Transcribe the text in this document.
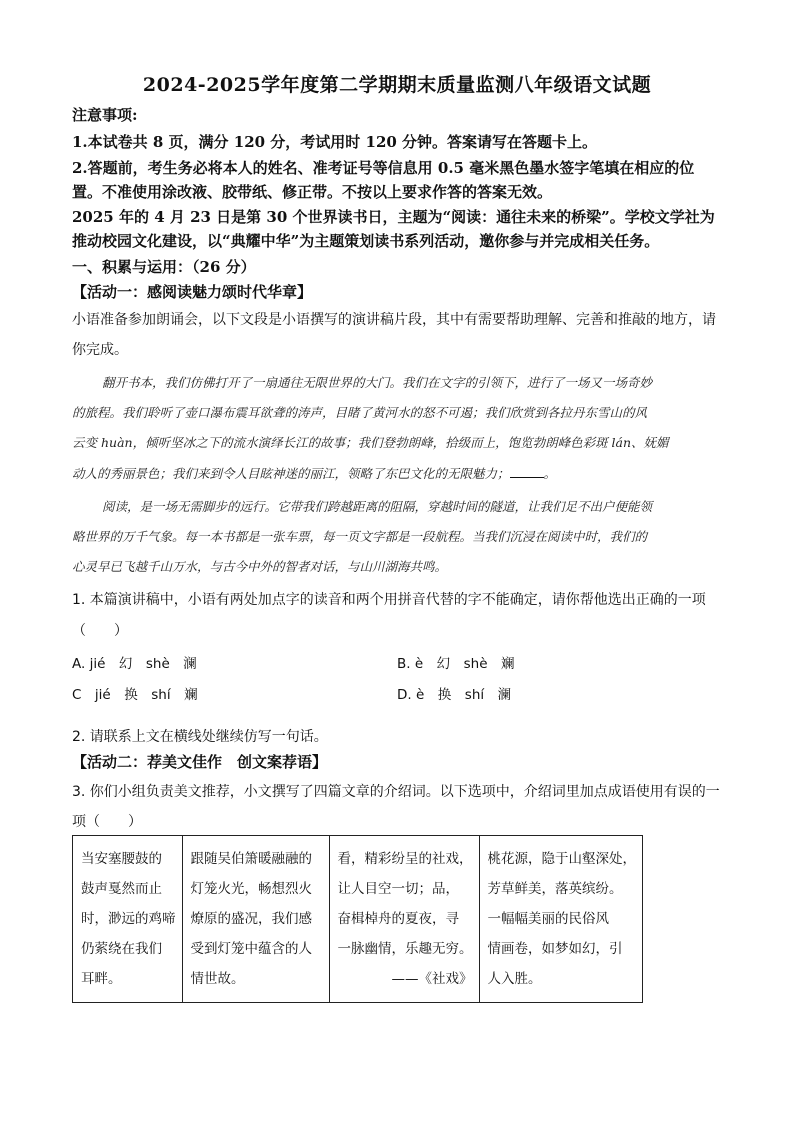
2024-2025学年度第二学期期末质量监测八年级语文试题
注意事项:
1.本试卷共 8 页，满分 120 分，考试用时 120 分钟。答案请写在答题卡上。
2.答题前，考生务必将本人的姓名、准考证号等信息用 0.5 毫米黑色墨水签字笔填在相应的位
置。不准使用涂改液、胶带纸、修正带。不按以上要求作答的答案无效。
2025 年的 4 月 23 日是第 30 个世界读书日，主题为“阅读：通往未来的桥梁”。学校文学社为
推动校园文化建设，以“典耀中华”为主题策划读书系列活动，邀你参与并完成相关任务。
一、积累与运用：（26 分）
【活动一：感阅读魅力颂时代华章】
小语准备参加朗诵会，以下文段是小语撰写的演讲稿片段，其中有需要帮助理解、完善和推敲的地方，请
你完成。
翻开书本，我们仿佛打开了一扇通往无限世界的大门。我们在文字的引领下，进行了一场又一场奇妙
的旅程。我们聆听了壶口瀑布震耳欲聋的涛声，目睹了黄河水的怒不可遏；我们欣赏到各拉丹东雪山的风
云变 huàn，倾听坚冰之下的流水演绎长江的故事；我们登勃朗峰，拾级而上，饱览勃朗峰色彩斑 lán、妩媚
动人的秀丽景色；我们来到令人目眩神迷的丽江，领略了东巴文化的无限魅力；	。
阅读，是一场无需脚步的远行。它带我们跨越距离的阻隔，穿越时间的隧道，让我们足不出户便能领
略世界的万千气象。每一本书都是一张车票，每一页文字都是一段航程。当我们沉浸在阅读中时，我们的
心灵早已飞越千山万水，与古今中外的智者对话，与山川湖海共鸣。
1. 本篇演讲稿中，小语有两处加点字的读音和两个用拼音代替的字不能确定，请你帮他选出正确的一项
（　　）
A. jié　幻　shè　澜	B. è　幻　shè　斓
C　jié　换　shí　斓	D. è　换　shí　澜
2. 请联系上文在横线处继续仿写一句话。
【活动二：荐美文佳作　创文案荐语】
3. 你们小组负责美文推荐，小文撰写了四篇文章的介绍词。以下选项中，介绍词里加点成语使用有误的一
项（　　）
当安塞腰鼓的
鼓声戛然而止
时，渺远的鸡啼
仍萦绕在我们
耳畔。

跟随吴伯箫暖融融的
灯笼火光，畅想烈火
燎原的盛况，我们感
受到灯笼中蕴含的人
情世故。

看，精彩纷呈的社戏，
让人目空一切；品，
奋楫棹舟的夏夜，寻
一脉幽情，乐趣无穷。
——《社戏》

桃花源，隐于山壑深处，
芳草鲜美，落英缤纷。
一幅幅美丽的民俗风
情画卷，如梦如幻，引
人入胜。
